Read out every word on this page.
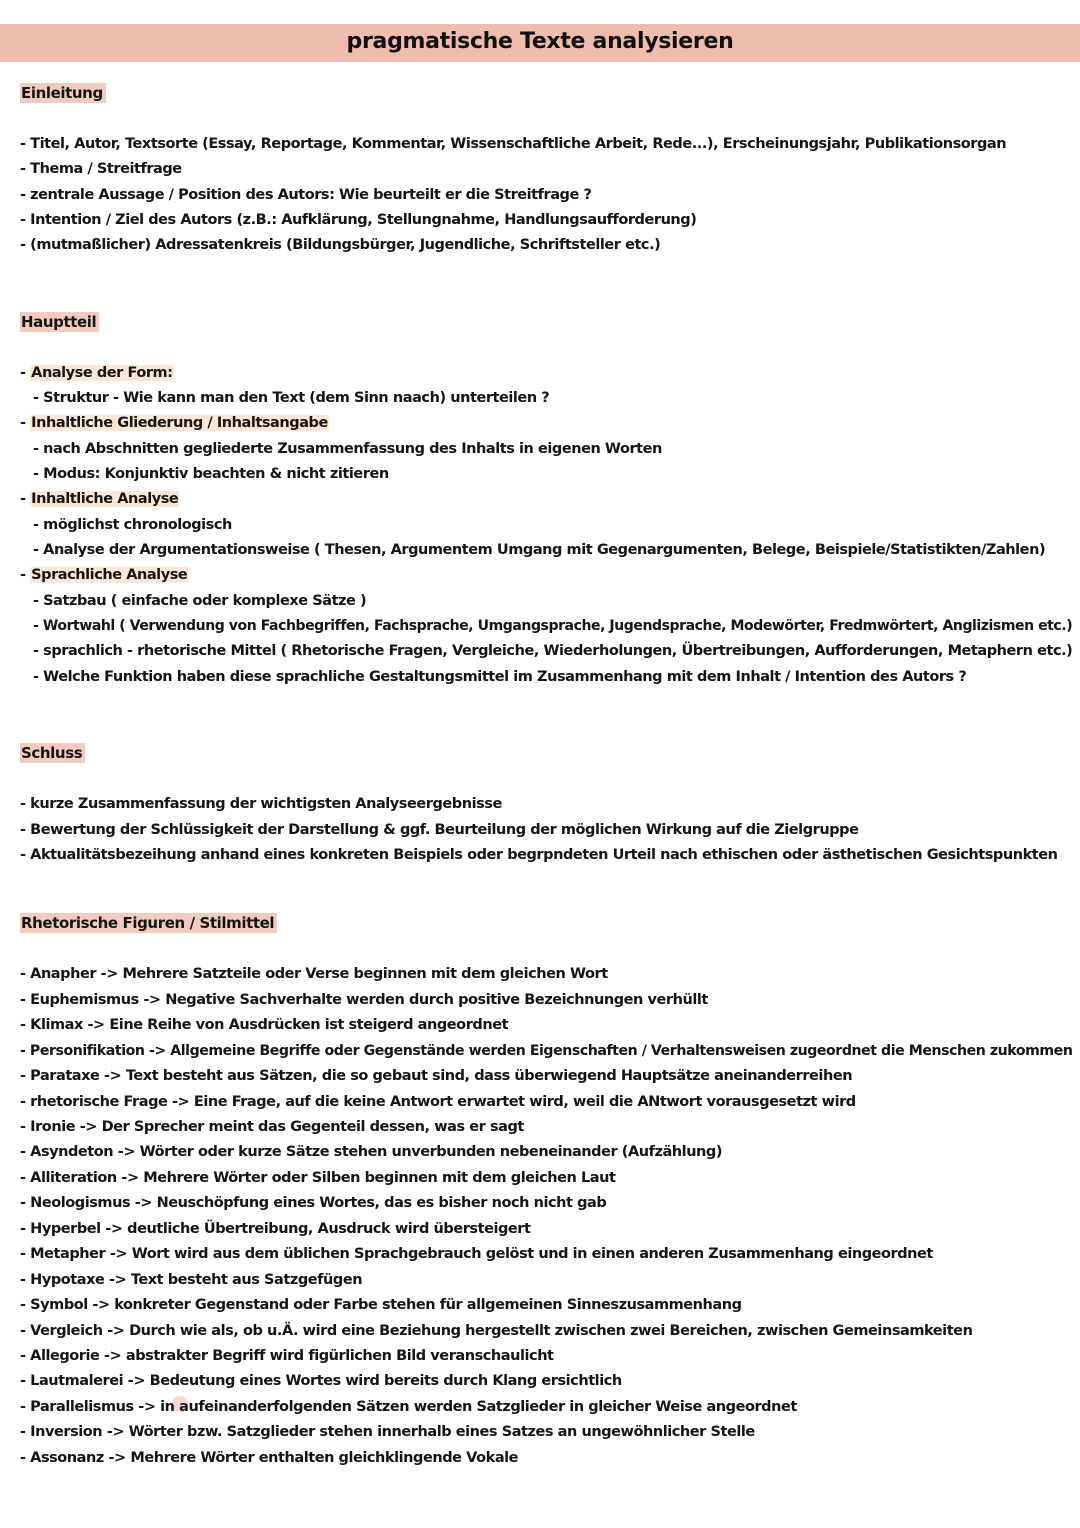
pragmatische Texte analysieren
Einleitung
- Titel, Autor, Textsorte (Essay, Reportage, Kommentar, Wissenschaftliche Arbeit, Rede...), Erscheinungsjahr, Publikationsorgan
- Thema / Streitfrage
- zentrale Aussage / Position des Autors: Wie beurteilt er die Streitfrage ?
- Intention / Ziel des Autors (z.B.: Aufklärung, Stellungnahme, Handlungsaufforderung)
- (mutmaßlicher) Adressatenkreis (Bildungsbürger, Jugendliche, Schriftsteller etc.)
Hauptteil
- Analyse der Form:
- Struktur - Wie kann man den Text (dem Sinn naach) unterteilen ?
- Inhaltliche Gliederung / Inhaltsangabe
- nach Abschnitten gegliederte Zusammenfassung des Inhalts in eigenen Worten
- Modus: Konjunktiv beachten & nicht zitieren
- Inhaltliche Analyse
- möglichst chronologisch
- Analyse der Argumentationsweise ( Thesen, Argumentem Umgang mit Gegenargumenten, Belege, Beispiele/Statistikten/Zahlen)
- Sprachliche Analyse
- Satzbau ( einfache oder komplexe Sätze )
- Wortwahl ( Verwendung von Fachbegriffen, Fachsprache, Umgangsprache, Jugendsprache, Modewörter, Fredmwörtert, Anglizismen etc.)
- sprachlich - rhetorische Mittel ( Rhetorische Fragen, Vergleiche, Wiederholungen, Übertreibungen, Aufforderungen, Metaphern etc.)
- Welche Funktion haben diese sprachliche Gestaltungsmittel im Zusammenhang mit dem Inhalt / Intention des Autors ?
Schluss
- kurze Zusammenfassung der wichtigsten Analyseergebnisse
- Bewertung der Schlüssigkeit der Darstellung & ggf. Beurteilung der möglichen Wirkung auf die Zielgruppe
- Aktualitätsbezeihung anhand eines konkreten Beispiels oder begrpndeten Urteil nach ethischen oder ästhetischen Gesichtspunkten
Rhetorische Figuren / Stilmittel
- Anapher -> Mehrere Satzteile oder Verse beginnen mit dem gleichen Wort
- Euphemismus -> Negative Sachverhalte werden durch positive Bezeichnungen verhüllt
- Klimax -> Eine Reihe von Ausdrücken ist steigerd angeordnet
- Personifikation -> Allgemeine Begriffe oder Gegenstände werden Eigenschaften / Verhaltensweisen zugeordnet die Menschen zukommen
- Parataxe -> Text besteht aus Sätzen, die so gebaut sind, dass überwiegend Hauptsätze aneinanderreihen
- rhetorische Frage -> Eine Frage, auf die keine Antwort erwartet wird, weil die ANtwort vorausgesetzt wird
- Ironie -> Der Sprecher meint das Gegenteil dessen, was er sagt
- Asyndeton -> Wörter oder kurze Sätze stehen unverbunden nebeneinander (Aufzählung)
- Alliteration -> Mehrere Wörter oder Silben beginnen mit dem gleichen Laut
- Neologismus -> Neuschöpfung eines Wortes, das es bisher noch nicht gab
- Hyperbel -> deutliche Übertreibung, Ausdruck wird übersteigert
- Metapher -> Wort wird aus dem üblichen Sprachgebrauch gelöst und in einen anderen Zusammenhang eingeordnet
- Hypotaxe -> Text besteht aus Satzgefügen
- Symbol -> konkreter Gegenstand oder Farbe stehen für allgemeinen Sinneszusammenhang
- Vergleich -> Durch wie als, ob u.Ä. wird eine Beziehung hergestellt zwischen zwei Bereichen, zwischen Gemeinsamkeiten
- Allegorie -> abstrakter Begriff wird figürlichen Bild veranschaulicht
- Lautmalerei -> Bedeutung eines Wortes wird bereits durch Klang ersichtlich
- Parallelismus -> in aufeinanderfolgenden Sätzen werden Satzglieder in gleicher Weise angeordnet
- Inversion -> Wörter bzw. Satzglieder stehen innerhalb eines Satzes an ungewöhnlicher Stelle
- Assonanz -> Mehrere Wörter enthalten gleichklingende Vokale
